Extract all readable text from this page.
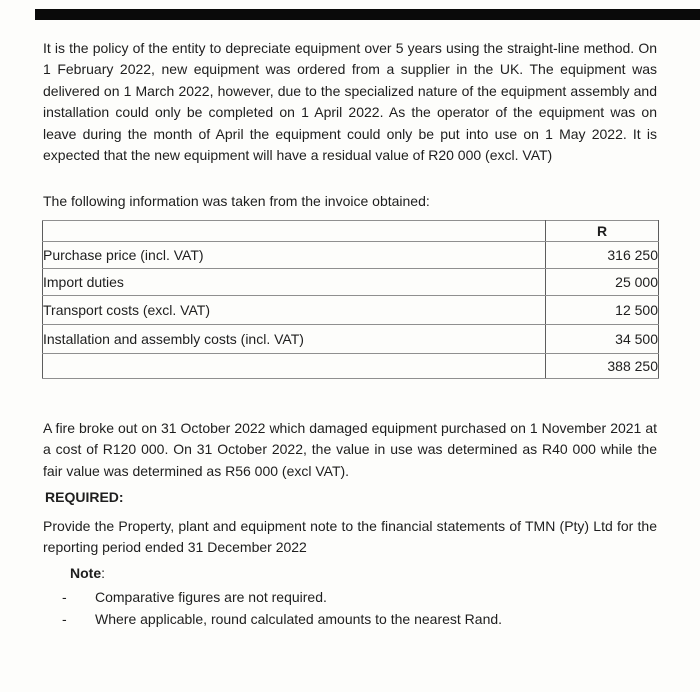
It is the policy of the entity to depreciate equipment over 5 years using the straight-line method. On 1 February 2022, new equipment was ordered from a supplier in the UK. The equipment was delivered on 1 March 2022, however, due to the specialized nature of the equipment assembly and installation could only be completed on 1 April 2022. As the operator of the equipment was on leave during the month of April the equipment could only be put into use on 1 May 2022. It is expected that the new equipment will have a residual value of R20 000 (excl. VAT)

The following information was taken from the invoice obtained:

	R
Purchase price (incl. VAT)	316 250
Import duties	25 000
Transport costs (excl. VAT)	12 500
Installation and assembly costs (incl. VAT)	34 500
	388 250

A fire broke out on 31 October 2022 which damaged equipment purchased on 1 November 2021 at a cost of R120 000. On 31 October 2022, the value in use was determined as R40 000 while the fair value was determined as R56 000 (excl VAT).

REQUIRED:

Provide the Property, plant and equipment note to the financial statements of TMN (Pty) Ltd for the reporting period ended 31 December 2022

Note:

-	Comparative figures are not required.
-	Where applicable, round calculated amounts to the nearest Rand.
